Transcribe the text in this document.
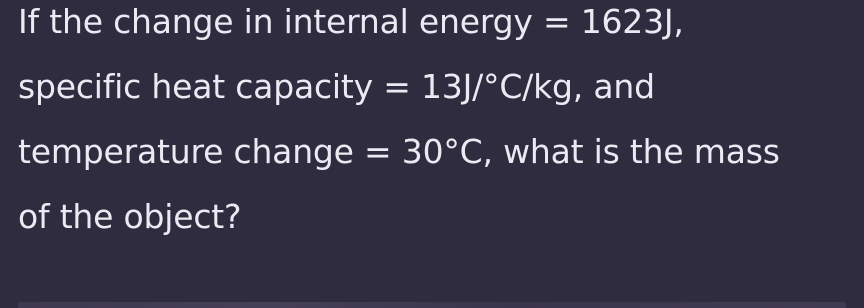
If the change in internal energy = 1623J,
specific heat capacity = 13J/°C/kg, and
temperature change = 30°C, what is the mass
of the object?
